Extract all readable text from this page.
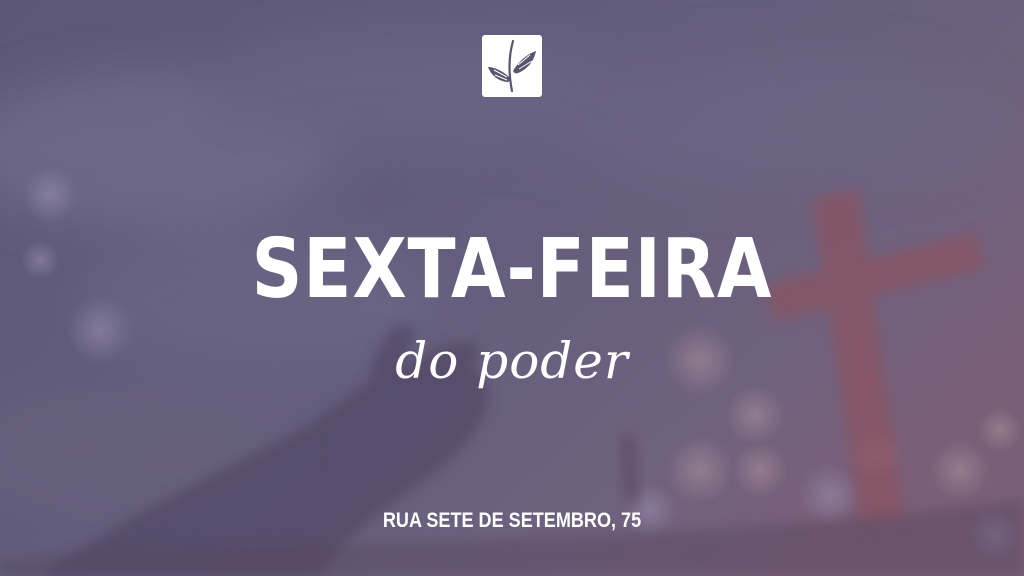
SEXTA-FEIRA
do poder
RUA SETE DE SETEMBRO, 75
